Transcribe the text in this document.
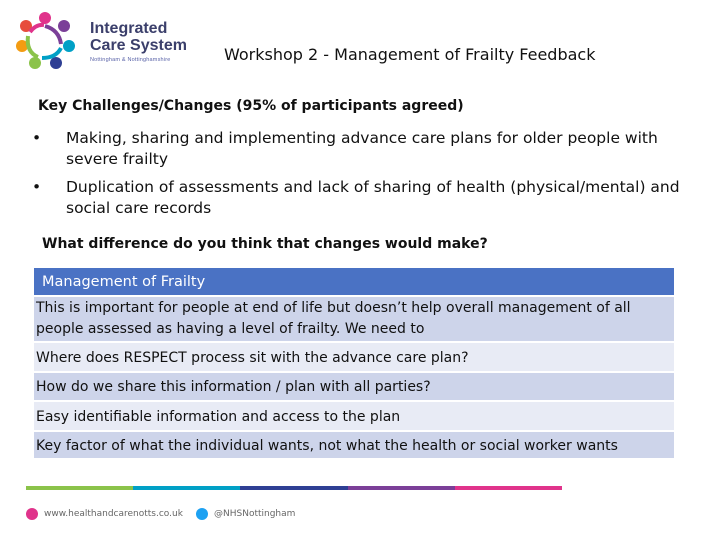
Integrated
Care System
Nottingham & Nottinghamshire	Workshop 2 - Management of Frailty Feedback
Key Challenges/Changes (95% of participants agreed)
• Making, sharing and implementing advance care plans for older people with severe frailty
• Duplication of assessments and lack of sharing of health (physical/mental) and social care records
What difference do you think that changes would make?
Management of Frailty
This is important for people at end of life but doesn’t help overall management of all people assessed as having a level of frailty. We need to
Where does RESPECT process sit with the advance care plan?
How do we share this information / plan with all parties?
Easy identifiable information and access to the plan
Key factor of what the individual wants, not what the health or social worker wants
www.healthandcarenotts.co.uk	@NHSNottingham
